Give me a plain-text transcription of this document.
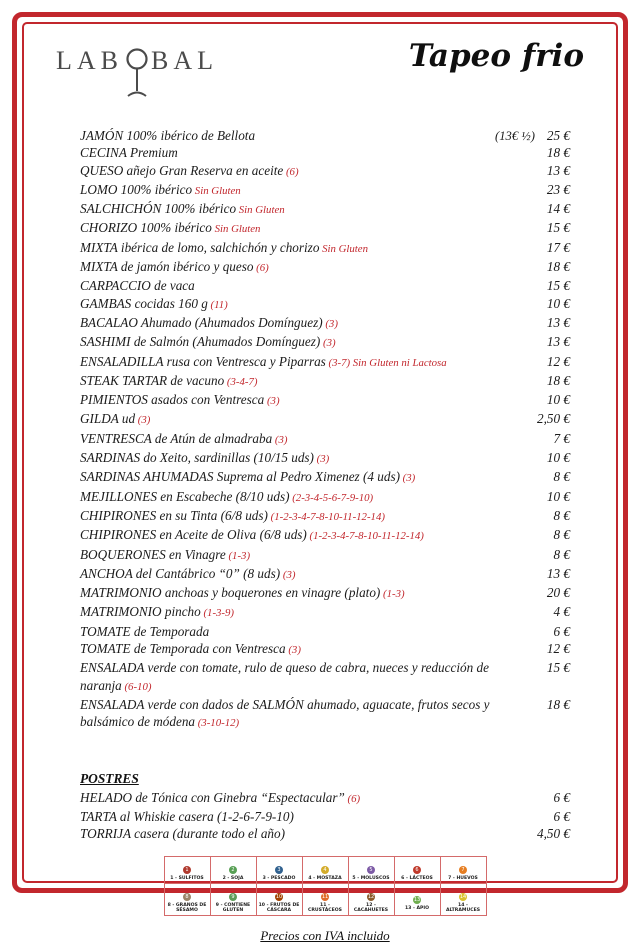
LAB BAL	Tapeo frio
JAMÓN 100% ibérico de Bellota	(13€ ½) 25 €
CECINA Premium	18 €
QUESO añejo Gran Reserva en aceite (6)	13 €
LOMO 100% ibérico Sin Gluten	23 €
SALCHICHÓN 100% ibérico Sin Gluten	14 €
CHORIZO 100% ibérico Sin Gluten	15 €
MIXTA ibérica de lomo, salchichón y chorizo Sin Gluten	17 €
MIXTA de jamón ibérico y queso (6)	18 €
CARPACCIO de vaca	15 €
GAMBAS cocidas 160 g (11)	10 €
BACALAO Ahumado (Ahumados Domínguez) (3)	13 €
SASHIMI de Salmón (Ahumados Domínguez) (3)	13 €
ENSALADILLA rusa con Ventresca y Piparras (3-7) Sin Gluten ni Lactosa	12 €
STEAK TARTAR de vacuno (3-4-7)	18 €
PIMIENTOS asados con Ventresca (3)	10 €
GILDA ud (3)	2,50 €
VENTRESCA de Atún de almadraba (3)	7 €
SARDINAS do Xeito, sardinillas (10/15 uds) (3)	10 €
SARDINAS AHUMADAS Suprema al Pedro Ximenez (4 uds) (3)	8 €
MEJILLONES en Escabeche (8/10 uds) (2-3-4-5-6-7-9-10)	10 €
CHIPIRONES en su Tinta (6/8 uds) (1-2-3-4-7-8-10-11-12-14)	8 €
CHIPIRONES en Aceite de Oliva (6/8 uds) (1-2-3-4-7-8-10-11-12-14)	8 €
BOQUERONES en Vinagre (1-3)	8 €
ANCHOA del Cantábrico “0” (8 uds) (3)	13 €
MATRIMONIO anchoas y boquerones en vinagre (plato) (1-3)	20 €
MATRIMONIO pincho (1-3-9)	4 €
TOMATE de Temporada	6 €
TOMATE de Temporada con Ventresca (3)	12 €
ENSALADA verde con tomate, rulo de queso de cabra, nueces y reducción de naranja (6-10)
15 €
ENSALADA verde con dados de SALMÓN ahumado, aguacate, frutos secos y balsámico de módena (3-10-12)
18 €
POSTRES
HELADO de Tónica con Ginebra “Espectacular” (6)	6 €
TARTA al Whiskie casera (1-2-6-7-9-10)	6 €
TORRIJA casera (durante todo el año)	4,50 €
1
1 - SULFITOS	2
2 - SOJA	3
3 - PESCADO	4
4 - MOSTAZA	5
5 - MOLUSCOS	6
6 - LÁCTEOS	7
7 - HUEVOS

8
8 - GRANOS DE SÉSAMO	9
9 - CONTIENE GLUTEN	10
10 - FRUTOS DE CÁSCARA	11
11 - CRUSTÁCEOS	12
12 - CACAHUETES	13
13 - APIO	14
14 - ALTRAMUCES
Precios con IVA incluido
